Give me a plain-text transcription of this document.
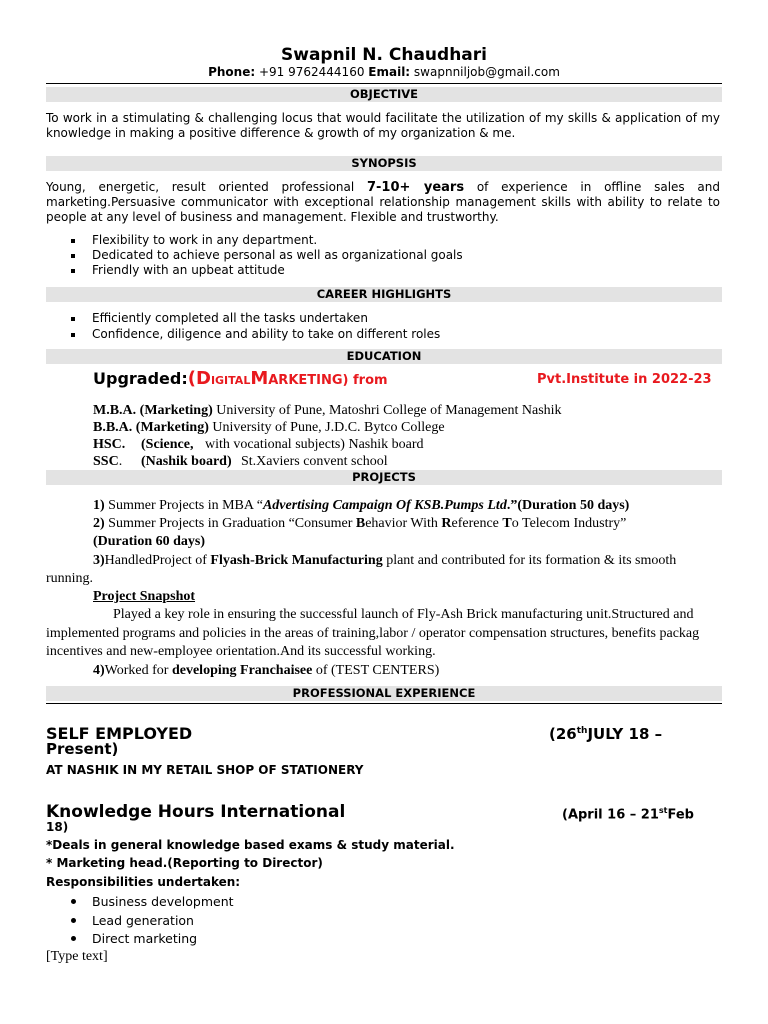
Swapnil N. Chaudhari
Phone: +91 9762444160 Email: swapnniljob@gmail.com
OBJECTIVE
To work in a stimulating & challenging locus that would facilitate the utilization of my skills & application of my knowledge in making a positive difference & growth of my organization & me.
SYNOPSIS
Young, energetic, result oriented professional 7-10+ years of experience in offline sales and marketing.Persuasive communicator with exceptional relationship management skills with ability to relate to people at any level of business and management. Flexible and trustworthy.
Flexibility to work in any department.
Dedicated to achieve personal as well as organizational goals
Friendly with an upbeat attitude
CAREER HIGHLIGHTS
Efficiently completed all the tasks undertaken
Confidence, diligence and ability to take on different roles
EDUCATION
Upgraded:(DIGITALMARKETING) from	Pvt.Institute in 2022-23
M.B.A. (Marketing) University of Pune, Matoshri College of Management Nashik
B.B.A. (Marketing) University of Pune, J.D.C. Bytco College
HSC. (Science, with vocational subjects) Nashik board
SSC. (Nashik board) St.Xaviers convent school
PROJECTS
1) Summer Projects in MBA “Advertising Campaign Of KSB.Pumps Ltd.”(Duration 50 days)
2) Summer Projects in Graduation “Consumer Behavior With Reference To Telecom Industry”
(Duration 60 days)
3)HandledProject of Flyash-Brick Manufacturing plant and contributed for its formation & its smooth
running.
Project Snapshot
Played a key role in ensuring the successful launch of Fly-Ash Brick manufacturing unit.Structured and
implemented programs and policies in the areas of training,labor / operator compensation structures, benefits packag
incentives and new-employee orientation.And its successful working.
4)Worked for developing Franchaisee of (TEST CENTERS)
PROFESSIONAL EXPERIENCE
SELF EMPLOYED	(26thJULY 18 –
Present)
AT NASHIK IN MY RETAIL SHOP OF STATIONERY
Knowledge Hours International	(April 16 – 21stFeb
18)
*Deals in general knowledge based exams & study material.
* Marketing head.(Reporting to Director)
Responsibilities undertaken:
Business development
Lead generation
Direct marketing
[Type text]
